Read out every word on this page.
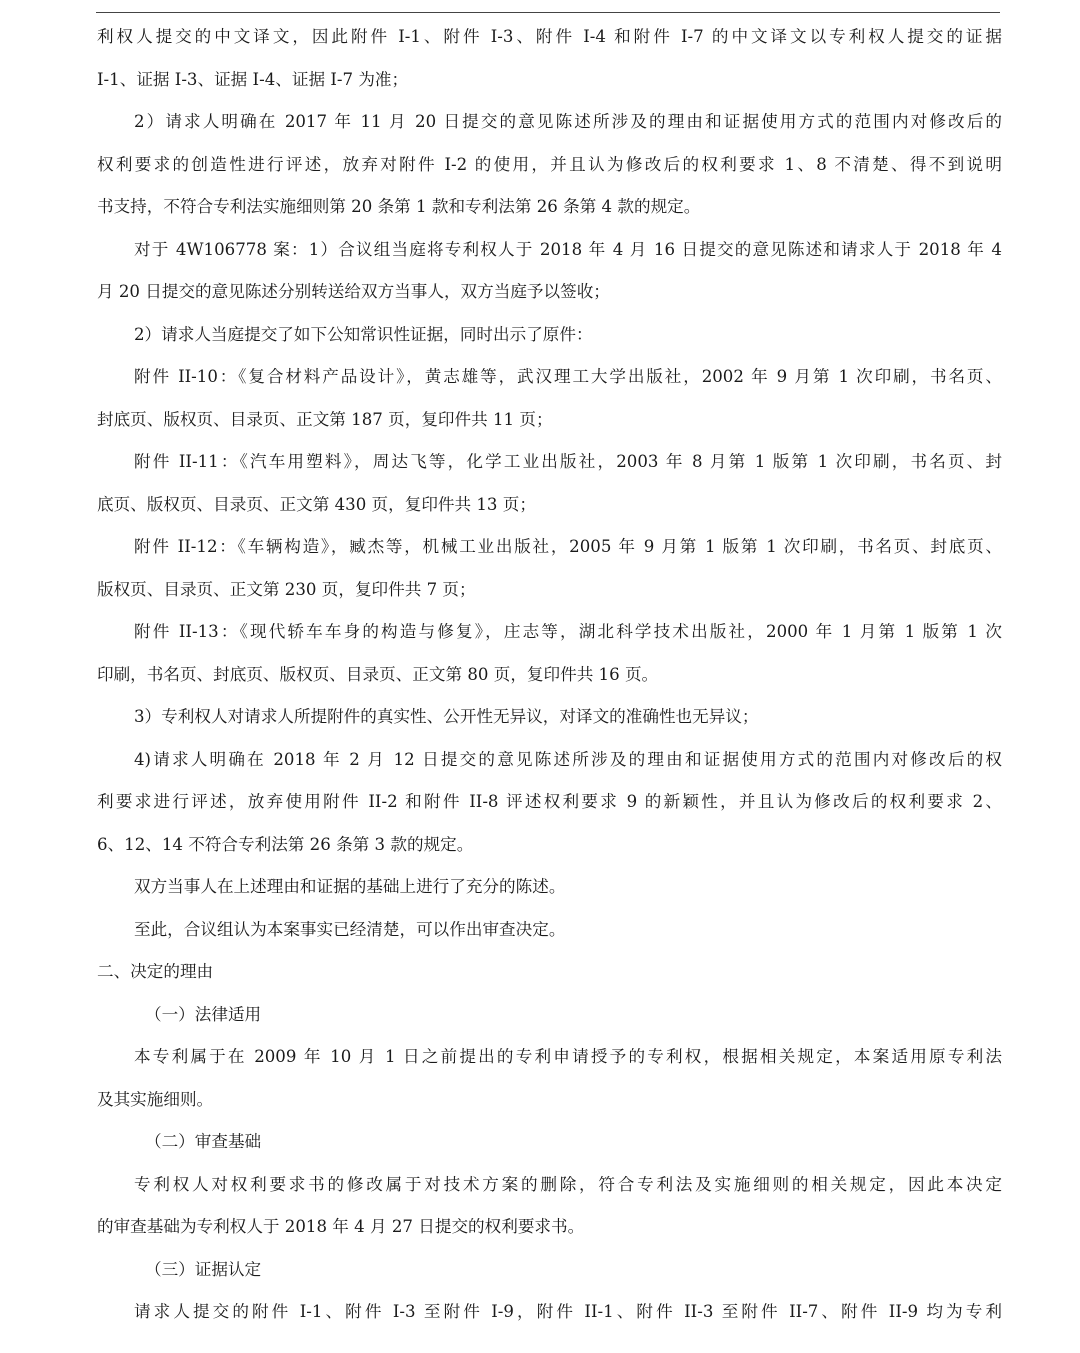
利权人提交的中文译文，因此附件 I-1、附件 I-3、附件 I-4 和附件 I-7 的中文译文以专利权人提交的证据
I-1、证据 I-3、证据 I-4、证据 I-7 为准；
2）请求人明确在 2017 年 11 月 20 日提交的意见陈述所涉及的理由和证据使用方式的范围内对修改后的
权利要求的创造性进行评述，放弃对附件 I-2 的使用，并且认为修改后的权利要求 1、8 不清楚、得不到说明
书支持，不符合专利法实施细则第 20 条第 1 款和专利法第 26 条第 4 款的规定。
对于 4W106778 案：1）合议组当庭将专利权人于 2018 年 4 月 16 日提交的意见陈述和请求人于 2018 年 4
月 20 日提交的意见陈述分别转送给双方当事人，双方当庭予以签收；
2）请求人当庭提交了如下公知常识性证据，同时出示了原件：
附件 II-10：《复合材料产品设计》，黄志雄等，武汉理工大学出版社，2002 年 9 月第 1 次印刷，书名页、
封底页、版权页、目录页、正文第 187 页，复印件共 11 页；
附件 II-11：《汽车用塑料》，周达飞等，化学工业出版社，2003 年 8 月第 1 版第 1 次印刷，书名页、封
底页、版权页、目录页、正文第 430 页，复印件共 13 页；
附件 II-12：《车辆构造》，臧杰等，机械工业出版社，2005 年 9 月第 1 版第 1 次印刷，书名页、封底页、
版权页、目录页、正文第 230 页，复印件共 7 页；
附件 II-13：《现代轿车车身的构造与修复》，庄志等，湖北科学技术出版社，2000 年 1 月第 1 版第 1 次
印刷，书名页、封底页、版权页、目录页、正文第 80 页，复印件共 16 页。
3）专利权人对请求人所提附件的真实性、公开性无异议，对译文的准确性也无异议；
4)请求人明确在 2018 年 2 月 12 日提交的意见陈述所涉及的理由和证据使用方式的范围内对修改后的权
利要求进行评述，放弃使用附件 II-2 和附件 II-8 评述权利要求 9 的新颖性，并且认为修改后的权利要求 2、
6、12、14 不符合专利法第 26 条第 3 款的规定。
双方当事人在上述理由和证据的基础上进行了充分的陈述。
至此，合议组认为本案事实已经清楚，可以作出审查决定。
二、决定的理由
（一）法律适用
本专利属于在 2009 年 10 月 1 日之前提出的专利申请授予的专利权，根据相关规定，本案适用原专利法
及其实施细则。
（二）审查基础
专利权人对权利要求书的修改属于对技术方案的删除，符合专利法及实施细则的相关规定，因此本决定
的审查基础为专利权人于 2018 年 4 月 27 日提交的权利要求书。
（三）证据认定
请求人提交的附件 I-1、附件 I-3 至附件 I-9，附件 II-1、附件 II-3 至附件 II-7、附件 II-9 均为专利
